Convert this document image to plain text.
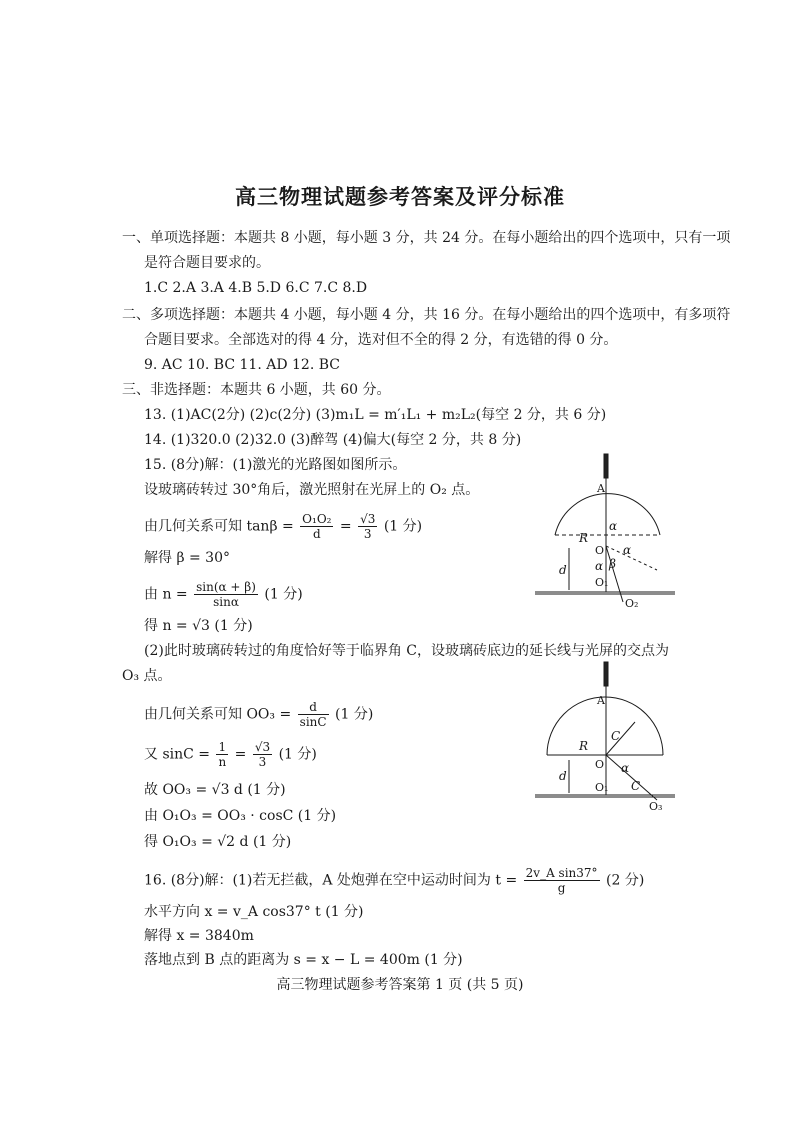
高三物理试题参考答案及评分标准
一、单项选择题：本题共 8 小题，每小题 3 分，共 24 分。在每小题给出的四个选项中，只有一项
是符合题目要求的。
1.C 2.A 3.A 4.B 5.D 6.C 7.C 8.D
二、多项选择题：本题共 4 小题，每小题 4 分，共 16 分。在每小题给出的四个选项中，有多项符
合题目要求。全部选对的得 4 分，选对但不全的得 2 分，有选错的得 0 分。
9. AC 10. BC 11. AD 12. BC
三、非选择题：本题共 6 小题，共 60 分。
13. (1)AC(2分) (2)c(2分) (3)m₁L = m′₁L₁ + m₂L₂(每空 2 分，共 6 分)
14. (1)320.0 (2)32.0 (3)醉驾 (4)偏大(每空 2 分，共 8 分)
15. (8分)解：(1)激光的光路图如图所示。
设玻璃砖转过 30°角后，激光照射在光屏上的 O₂ 点。
由几何关系可知 $\tan\beta = \frac{\text{O₁O₂}}{d} = \frac{√3}{3} (1$ 分)
解得 β = 30°
由 $n = \frac{\sin(\alpha + \beta)}{\sin\alpha} (1$ 分)
得 n = √3 (1 分)
(2)此时玻璃砖转过的角度恰好等于临界角 C，设玻璃砖底边的延长线与光屏的交点为
O₃ 点。
由几何关系可知 $OO_3 = \frac{d}{\sin C} (1$ 分)
又 $\sin C = \frac{1}{n} = \frac{√3}{3} (1$ 分)
故 OO₃ = √3 d (1 分)
由 O₁O₃ = OO₃ · cosC (1 分)
得 O₁O₃ = √2 d (1 分)
16. (8分)解：(1)若无拦截，A 处炮弹在空中运动时间为 $t = \frac{\text{2v\_A sin37°}}{g} (2$ 分)
水平方向 x = v_A cos37° t (1 分)
解得 x = 3840m
落地点到 B 点的距离为 s = x − L = 400m (1 分)
高三物理试题参考答案第 1 页 (共 5 页)
A
R
O
d
O₁
O₂
α
α
β
α
A
R
O
d
O₁
O₃
C
C
α
